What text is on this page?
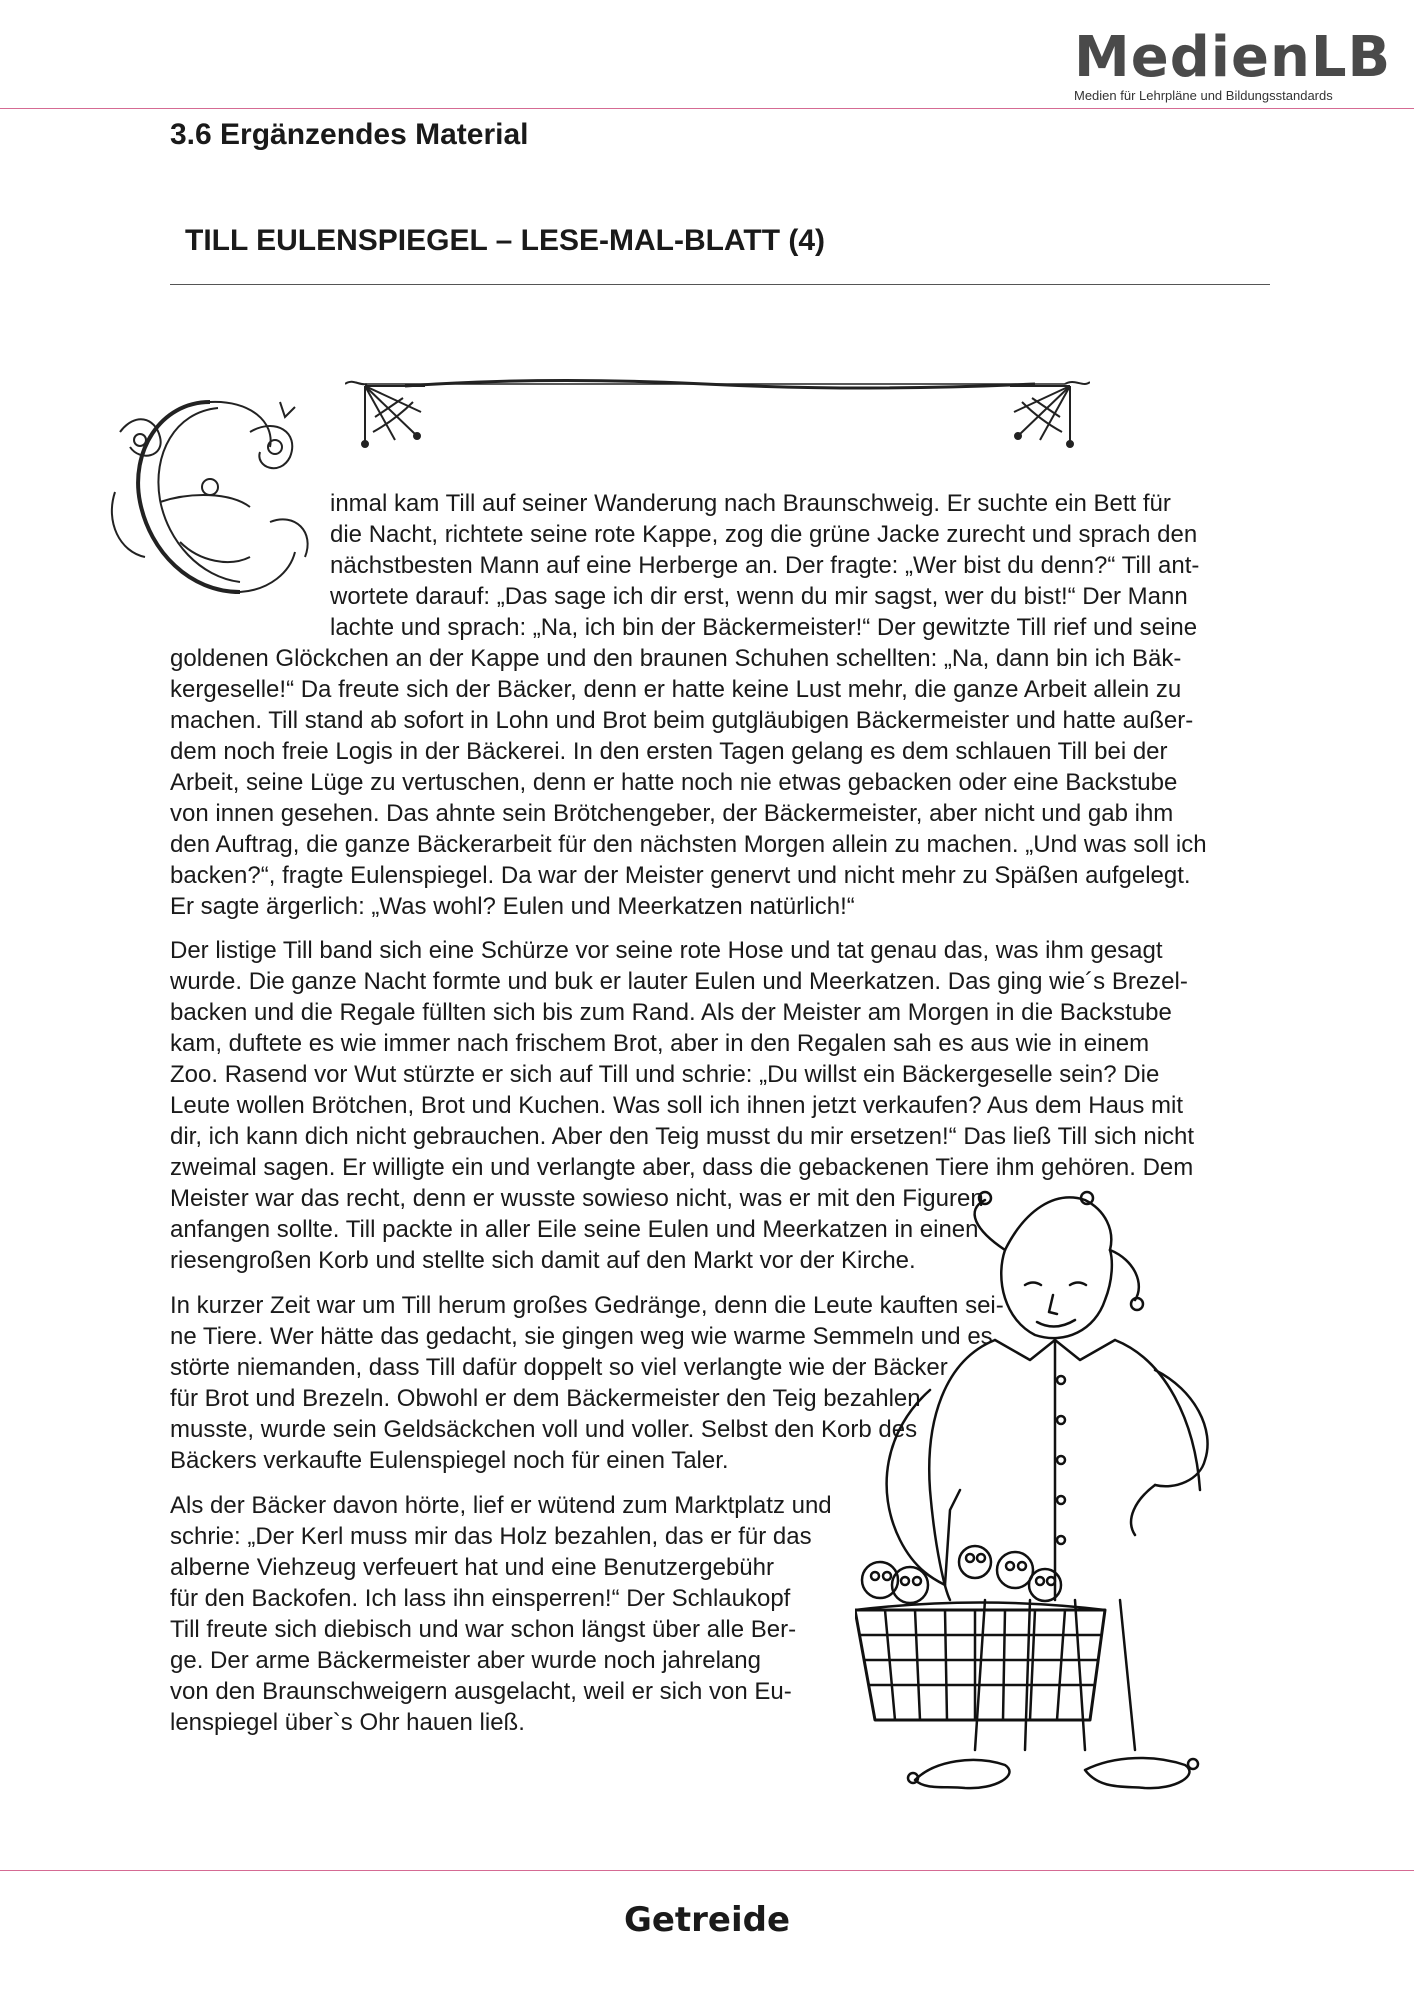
MedienLB
Medien für Lehrpläne und Bildungsstandards
3.6 Ergänzendes Material
TILL EULENSPIEGEL – LESE-MAL-BLATT (4)

inmal kam Till auf seiner Wanderung nach Braunschweig. Er suchte ein Bett für
die Nacht, richtete seine rote Kappe, zog die grüne Jacke zurecht und sprach den
nächstbesten Mann auf eine Herberge an. Der fragte: „Wer bist du denn?“ Till ant-
wortete darauf: „Das sage ich dir erst, wenn du mir sagst, wer du bist!“ Der Mann
lachte und sprach: „Na, ich bin der Bäckermeister!“ Der gewitzte Till rief und seine

goldenen Glöckchen an der Kappe und den braunen Schuhen schellten: „Na, dann bin ich Bäk-
kergeselle!“ Da freute sich der Bäcker, denn er hatte keine Lust mehr, die ganze Arbeit allein zu
machen. Till stand ab sofort in Lohn und Brot beim gutgläubigen Bäckermeister und hatte außer-
dem noch freie Logis in der Bäckerei. In den ersten Tagen gelang es dem schlauen Till bei der
Arbeit, seine Lüge zu vertuschen, denn er hatte noch nie etwas gebacken oder eine Backstube
von innen gesehen. Das ahnte sein Brötchengeber, der Bäckermeister, aber nicht und gab ihm
den Auftrag, die ganze Bäckerarbeit für den nächsten Morgen allein zu machen. „Und was soll ich
backen?“, fragte Eulenspiegel. Da war der Meister genervt und nicht mehr zu Späßen aufgelegt.
Er sagte ärgerlich: „Was wohl? Eulen und Meerkatzen natürlich!“

Der listige Till band sich eine Schürze vor seine rote Hose und tat genau das, was ihm gesagt
wurde. Die ganze Nacht formte und buk er lauter Eulen und Meerkatzen. Das ging wie´s Brezel-
backen und die Regale füllten sich bis zum Rand. Als der Meister am Morgen in die Backstube
kam, duftete es wie immer nach frischem Brot, aber in den Regalen sah es aus wie in einem
Zoo. Rasend vor Wut stürzte er sich auf Till und schrie: „Du willst ein Bäckergeselle sein? Die
Leute wollen Brötchen, Brot und Kuchen. Was soll ich ihnen jetzt verkaufen? Aus dem Haus mit
dir, ich kann dich nicht gebrauchen. Aber den Teig musst du mir ersetzen!“ Das ließ Till sich nicht
zweimal sagen. Er willigte ein und verlangte aber, dass die gebackenen Tiere ihm gehören. Dem

Meister war das recht, denn er wusste sowieso nicht, was er mit den Figuren
anfangen sollte. Till packte in aller Eile seine Eulen und Meerkatzen in einen
riesengroßen Korb und stellte sich damit auf den Markt vor der Kirche.

In kurzer Zeit war um Till herum großes Gedränge, denn die Leute kauften sei-
ne Tiere. Wer hätte das gedacht, sie gingen weg wie warme Semmeln und es
störte niemanden, dass Till dafür doppelt so viel verlangte wie der Bäcker
für Brot und Brezeln. Obwohl er dem Bäckermeister den Teig bezahlen
musste, wurde sein Geldsäckchen voll und voller. Selbst den Korb des
Bäckers verkaufte Eulenspiegel noch für einen Taler.

Als der Bäcker davon hörte, lief er wütend zum Marktplatz und
schrie: „Der Kerl muss mir das Holz bezahlen, das er für das
alberne Viehzeug verfeuert hat und eine Benutzergebühr
für den Backofen. Ich lass ihn einsperren!“ Der Schlaukopf
Till freute sich diebisch und war schon längst über alle Ber-
ge. Der arme Bäckermeister aber wurde noch jahrelang
von den Braunschweigern ausgelacht, weil er sich von Eu-
lenspiegel über`s Ohr hauen ließ.

Getreide
